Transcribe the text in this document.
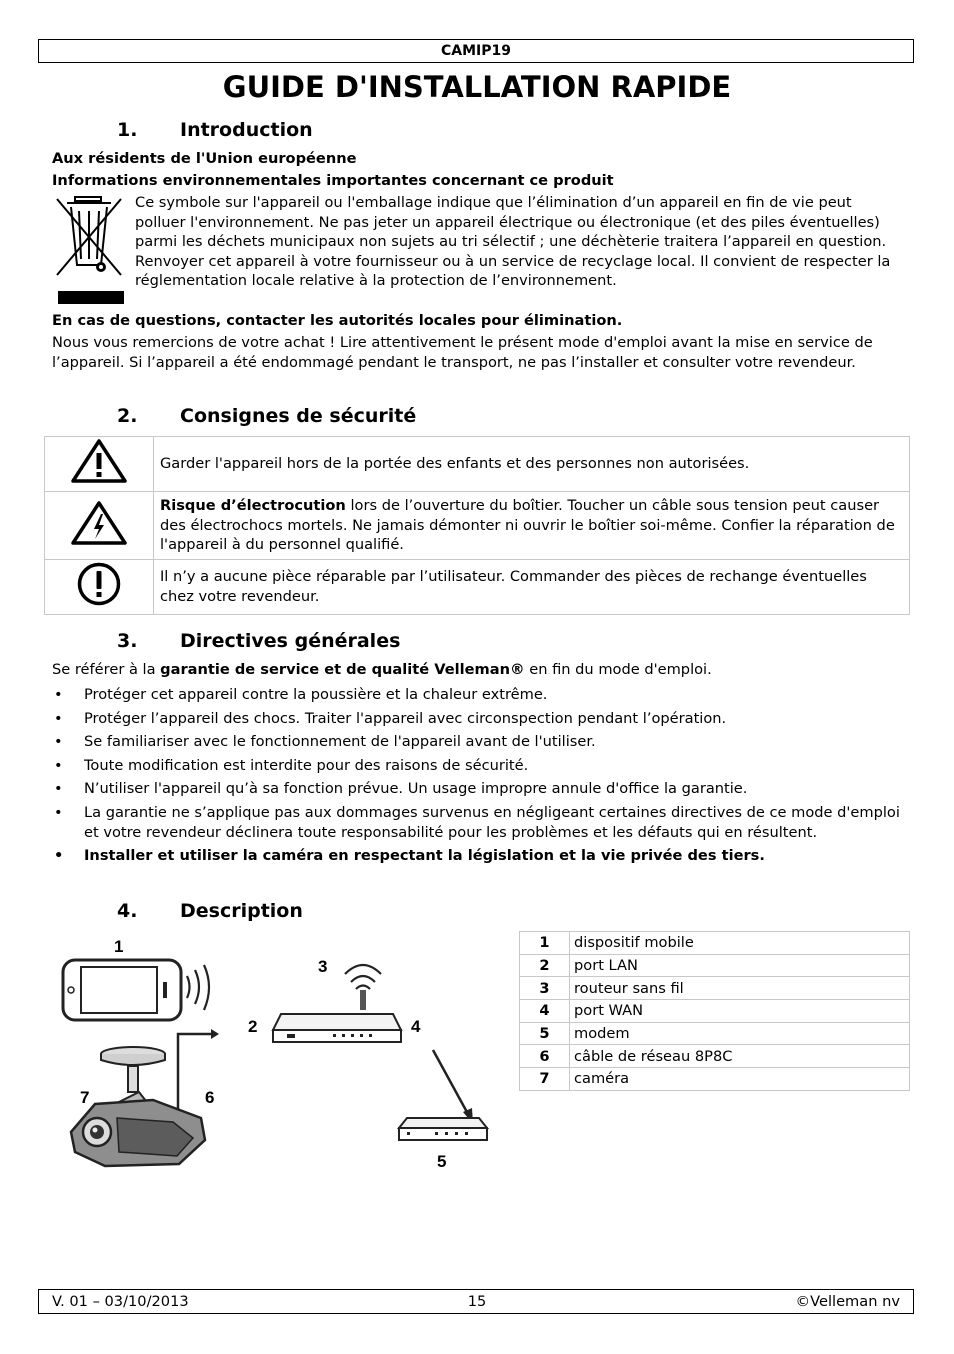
CAMIP19
GUIDE D'INSTALLATION RAPIDE
1. Introduction
Aux résidents de l'Union européenne
Informations environnementales importantes concernant ce produit
Ce symbole sur l'appareil ou l'emballage indique que l’élimination d’un appareil en fin de vie peut polluer l'environnement. Ne pas jeter un appareil électrique ou électronique (et des piles éventuelles) parmi les déchets municipaux non sujets au tri sélectif ; une déchèterie traitera l’appareil en question. Renvoyer cet appareil à votre fournisseur ou à un service de recyclage local. Il convient de respecter la réglementation locale relative à la protection de l’environnement.
En cas de questions, contacter les autorités locales pour élimination.
Nous vous remercions de votre achat ! Lire attentivement le présent mode d'emploi avant la mise en service de l’appareil. Si l’appareil a été endommagé pendant le transport, ne pas l’installer et consulter votre revendeur.
2. Consignes de sécurité
	Garder l'appareil hors de la portée des enfants et des personnes non autorisées.
	Risque d’électrocution lors de l’ouverture du boîtier. Toucher un câble sous tension peut causer des électrochocs mortels. Ne jamais démonter ni ouvrir le boîtier soi-même. Confier la réparation de l'appareil à du personnel qualifié.
	Il n’y a aucune pièce réparable par l’utilisateur. Commander des pièces de rechange éventuelles chez votre revendeur.
3. Directives générales
Se référer à la garantie de service et de qualité Velleman® en fin du mode d'emploi.
• Protéger cet appareil contre la poussière et la chaleur extrême.
• Protéger l’appareil des chocs. Traiter l'appareil avec circonspection pendant l’opération.
• Se familiariser avec le fonctionnement de l'appareil avant de l'utiliser.
• Toute modification est interdite pour des raisons de sécurité.
• N’utiliser l'appareil qu’à sa fonction prévue. Un usage impropre annule d'office la garantie.
• La garantie ne s’applique pas aux dommages survenus en négligeant certaines directives de ce mode d'emploi et votre revendeur déclinera toute responsabilité pour les problèmes et les défauts qui en résultent.
• Installer et utiliser la caméra en respectant la législation et la vie privée des tiers.
4. Description
1
2
3
4
5
6
7
1	dispositif mobile
2	port LAN
3	routeur sans fil
4	port WAN
5	modem
6	câble de réseau 8P8C
7	caméra
V. 01 – 03/10/2013	15	©Velleman nv
